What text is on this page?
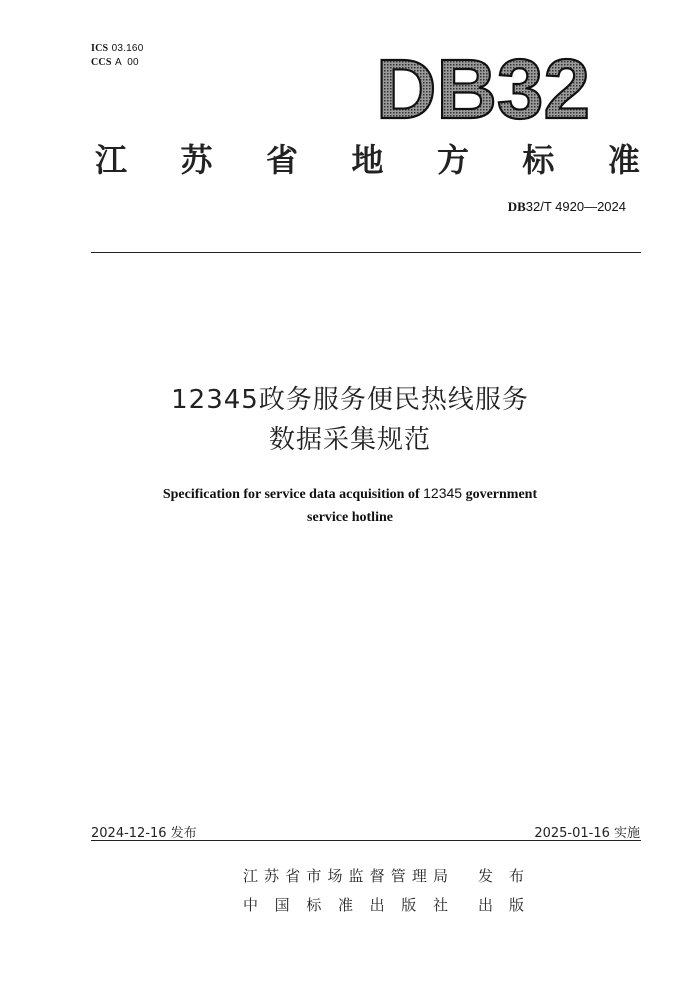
ICS 03.160
CCS A  00	DB32
江 苏 省 地 方 标 准
DB32/T 4920—2024
12345政务服务便民热线服务
数据采集规范
Specification for service data acquisition of 12345 government
service hotline
2024-12-16 发布	2025-01-16 实施
江 苏 省 市 场 监 督 管 理 局 发 布
中 国 标 准 出 版 社 出 版
